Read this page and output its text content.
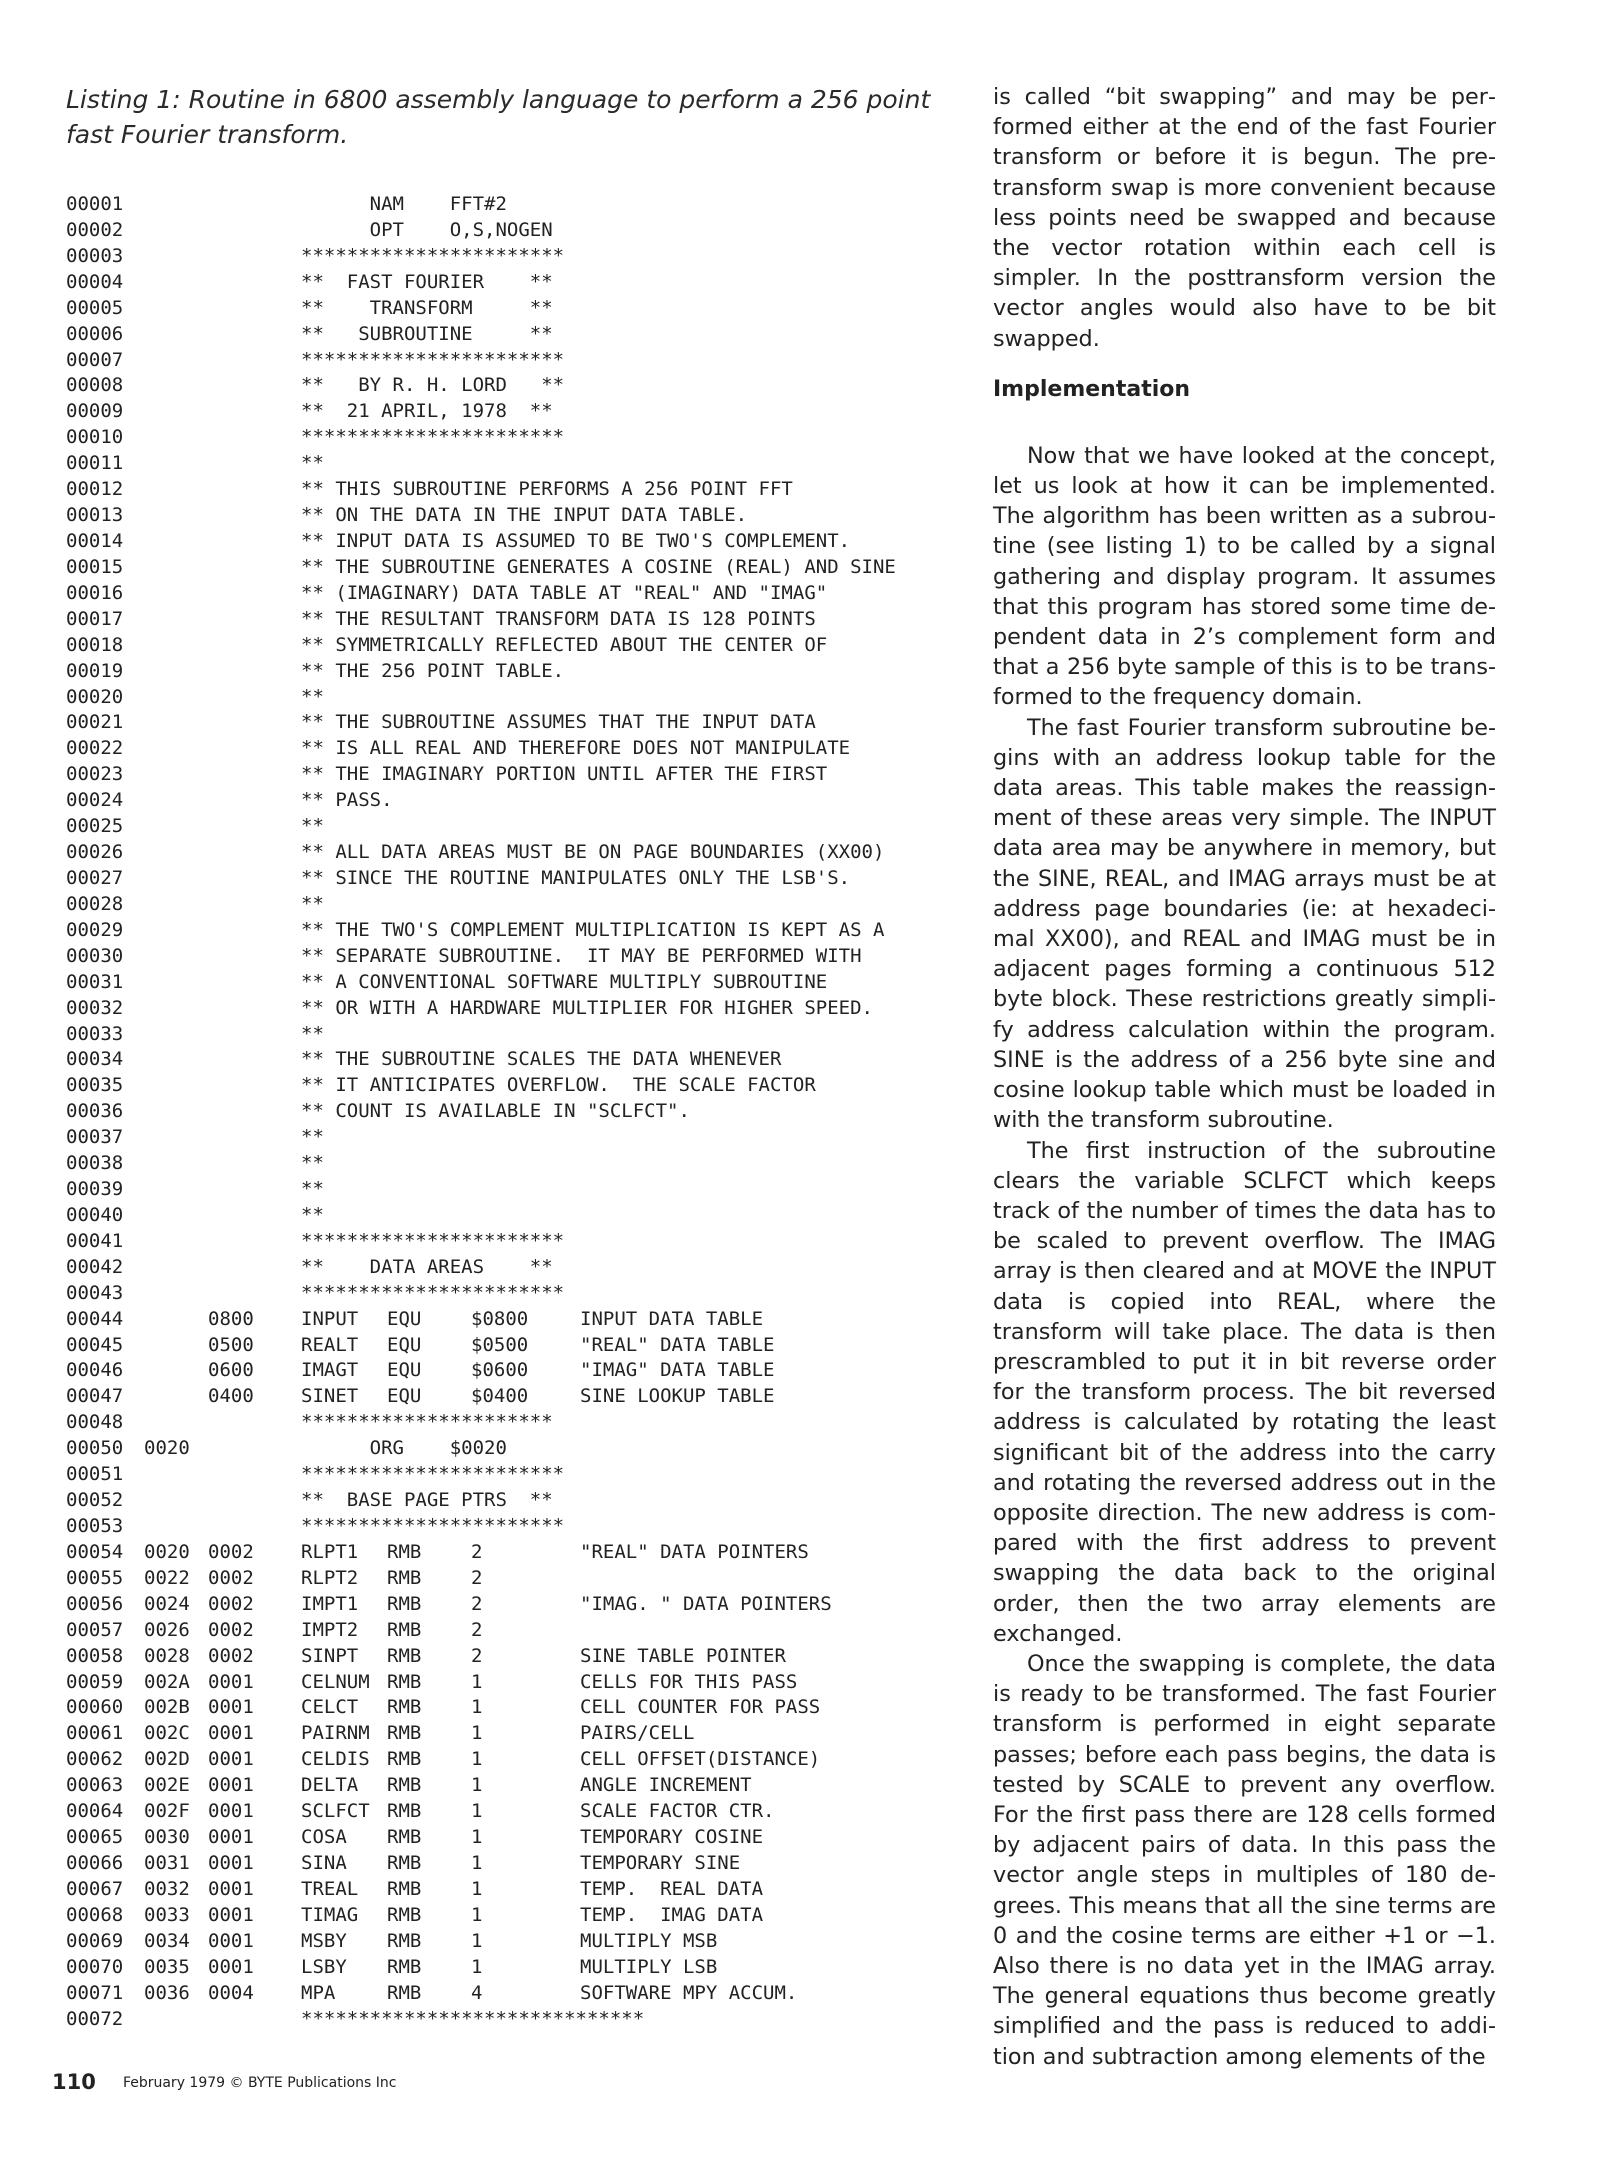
Listing 1: Routine in 6800 assembly language to perform a 256 point fast Fourier transform.
00001	NAM    FFT#2
00002	OPT    O,S,NOGEN
00003	***********************
00004	**  FAST FOURIER    **
00005	**    TRANSFORM     **
00006	**   SUBROUTINE     **
00007	***********************
00008	**   BY R. H. LORD   **
00009	**  21 APRIL, 1978  **
00010	***********************
00011	**
00012	** THIS SUBROUTINE PERFORMS A 256 POINT FFT
00013	** ON THE DATA IN THE INPUT DATA TABLE.
00014	** INPUT DATA IS ASSUMED TO BE TWO'S COMPLEMENT.
00015	** THE SUBROUTINE GENERATES A COSINE (REAL) AND SINE
00016	** (IMAGINARY) DATA TABLE AT "REAL" AND "IMAG"
00017	** THE RESULTANT TRANSFORM DATA IS 128 POINTS
00018	** SYMMETRICALLY REFLECTED ABOUT THE CENTER OF
00019	** THE 256 POINT TABLE.
00020	**
00021	** THE SUBROUTINE ASSUMES THAT THE INPUT DATA
00022	** IS ALL REAL AND THEREFORE DOES NOT MANIPULATE
00023	** THE IMAGINARY PORTION UNTIL AFTER THE FIRST
00024	** PASS.
00025	**
00026	** ALL DATA AREAS MUST BE ON PAGE BOUNDARIES (XX00)
00027	** SINCE THE ROUTINE MANIPULATES ONLY THE LSB'S.
00028	**
00029	** THE TWO'S COMPLEMENT MULTIPLICATION IS KEPT AS A
00030	** SEPARATE SUBROUTINE.  IT MAY BE PERFORMED WITH
00031	** A CONVENTIONAL SOFTWARE MULTIPLY SUBROUTINE
00032	** OR WITH A HARDWARE MULTIPLIER FOR HIGHER SPEED.
00033	**
00034	** THE SUBROUTINE SCALES THE DATA WHENEVER
00035	** IT ANTICIPATES OVERFLOW.  THE SCALE FACTOR
00036	** COUNT IS AVAILABLE IN "SCLFCT".
00037	**
00038	**
00039	**
00040	**
00041	***********************
00042	**    DATA AREAS    **
00043	***********************
00044	0800 INPUT EQU	$0800	INPUT DATA TABLE
00045	0500 REALT EQU	$0500	"REAL" DATA TABLE
00046	0600 IMAGT EQU	$0600	"IMAG" DATA TABLE
00047	0400 SINET EQU	$0400	SINE LOOKUP TABLE
00048	**********************
00050 0020	ORG    $0020
00051	***********************
00052	**  BASE PAGE PTRS  **
00053	***********************
00054 0020 0002 RLPT1 RMB	2	"REAL" DATA POINTERS
00055 0022 0002 RLPT2 RMB	2
00056 0024 0002 IMPT1 RMB	2	"IMAG. " DATA POINTERS
00057 0026 0002 IMPT2 RMB	2
00058 0028 0002 SINPT RMB	2	SINE TABLE POINTER
00059 002A 0001 CELNUM RMB	1	CELLS FOR THIS PASS
00060 002B 0001 CELCT RMB	1	CELL COUNTER FOR PASS
00061 002C 0001 PAIRNM RMB	1	PAIRS/CELL
00062 002D 0001 CELDIS RMB	1	CELL OFFSET(DISTANCE)
00063 002E 0001 DELTA RMB	1	ANGLE INCREMENT
00064 002F 0001 SCLFCT RMB	1	SCALE FACTOR CTR.
00065 0030 0001 COSA RMB	1	TEMPORARY COSINE
00066 0031 0001 SINA RMB	1	TEMPORARY SINE
00067 0032 0001 TREAL RMB	1	TEMP.  REAL DATA
00068 0033 0001 TIMAG RMB	1	TEMP.  IMAG DATA
00069 0034 0001 MSBY RMB	1	MULTIPLY MSB
00070 0035 0001 LSBY RMB	1	MULTIPLY LSB
00071 0036 0004 MPA	RMB	4	SOFTWARE MPY ACCUM.
00072	******************************

is called “bit swapping” and may be performed either at the end of the fast Fourier transform or before it is begun. The pretransform swap is more convenient because less points need be swapped and because the vector rotation within each cell is simpler. In the posttransform version the vector angles would also have to be bit swapped.

Implementation

Now that we have looked at the concept, let us look at how it can be implemented. The algorithm has been written as a subroutine (see listing 1) to be called by a signal gathering and display program. It assumes that this program has stored some time dependent data in 2’s complement form and that a 256 byte sample of this is to be transformed to the frequency domain.

The fast Fourier transform subroutine begins with an address lookup table for the data areas. This table makes the reassignment of these areas very simple. The INPUT data area may be anywhere in memory, but the SINE, REAL, and IMAG arrays must be at address page boundaries (ie: at hexadecimal XX00), and REAL and IMAG must be in adjacent pages forming a continuous 512 byte block. These restrictions greatly simplify address calculation within the program. SINE is the address of a 256 byte sine and cosine lookup table which must be loaded in with the transform subroutine.

The first instruction of the subroutine clears the variable SCLFCT which keeps track of the number of times the data has to be scaled to prevent overflow. The IMAG array is then cleared and at MOVE the INPUT data is copied into REAL, where the transform will take place. The data is then prescrambled to put it in bit reverse order for the transform process. The bit reversed address is calculated by rotating the least significant bit of the address into the carry and rotating the reversed address out in the opposite direction. The new address is compared with the first address to prevent swapping the data back to the original order, then the two array elements are exchanged.

Once the swapping is complete, the data is ready to be transformed. The fast Fourier transform is performed in eight separate passes; before each pass begins, the data is tested by SCALE to prevent any overflow. For the first pass there are 128 cells formed by adjacent pairs of data. In this pass the vector angle steps in multiples of 180 degrees. This means that all the sine terms are 0 and the cosine terms are either +1 or −1. Also there is no data yet in the IMAG array. The general equations thus become greatly simplified and the pass is reduced to addition and subtraction among elements of the

110 February 1979 © BYTE Publications Inc
